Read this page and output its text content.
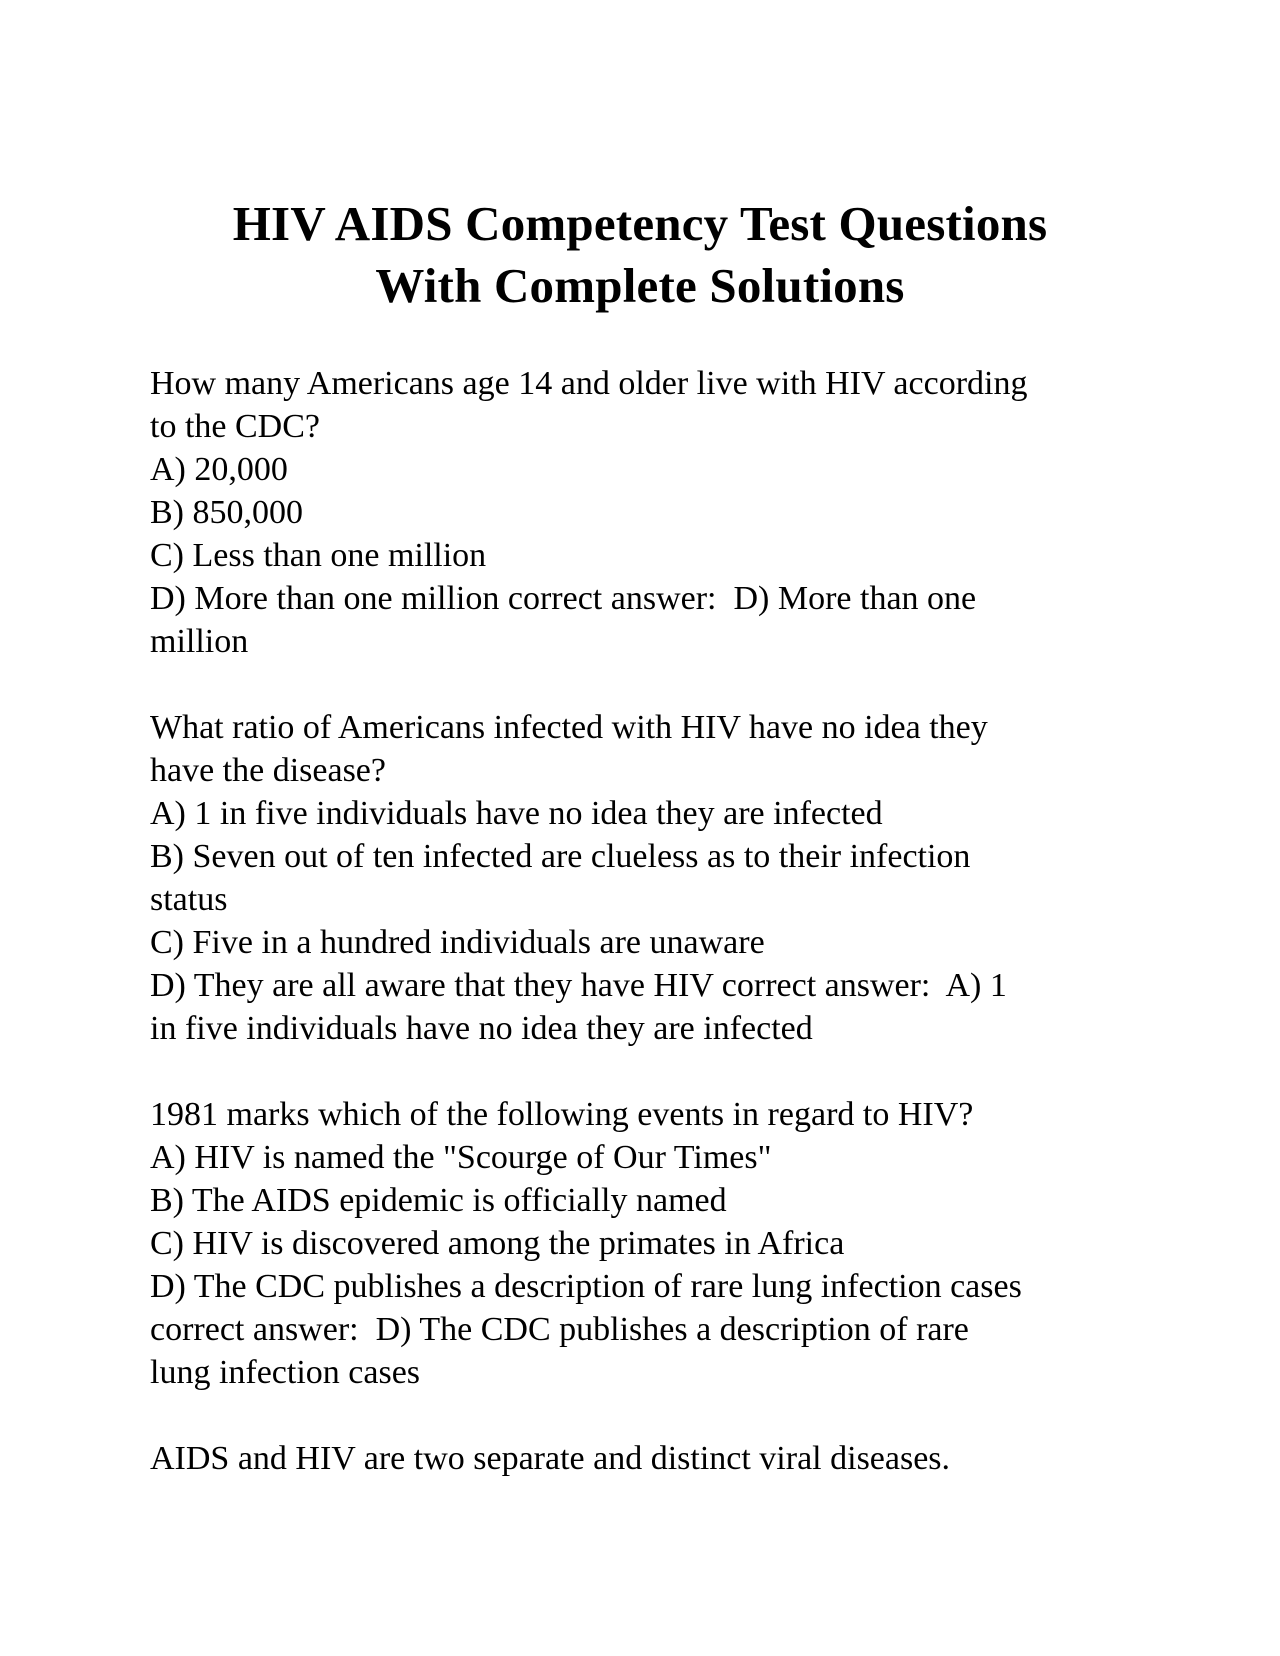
HIV AIDS Competency Test Questions
With Complete Solutions
How many Americans age 14 and older live with HIV according
to the CDC?
A) 20,000
B) 850,000
C) Less than one million
D) More than one million correct answer:  D) More than one
million
What ratio of Americans infected with HIV have no idea they
have the disease?
A) 1 in five individuals have no idea they are infected
B) Seven out of ten infected are clueless as to their infection
status
C) Five in a hundred individuals are unaware
D) They are all aware that they have HIV correct answer:  A) 1
in five individuals have no idea they are infected
1981 marks which of the following events in regard to HIV?
A) HIV is named the "Scourge of Our Times"
B) The AIDS epidemic is officially named
C) HIV is discovered among the primates in Africa
D) The CDC publishes a description of rare lung infection cases
correct answer:  D) The CDC publishes a description of rare
lung infection cases
AIDS and HIV are two separate and distinct viral diseases.
